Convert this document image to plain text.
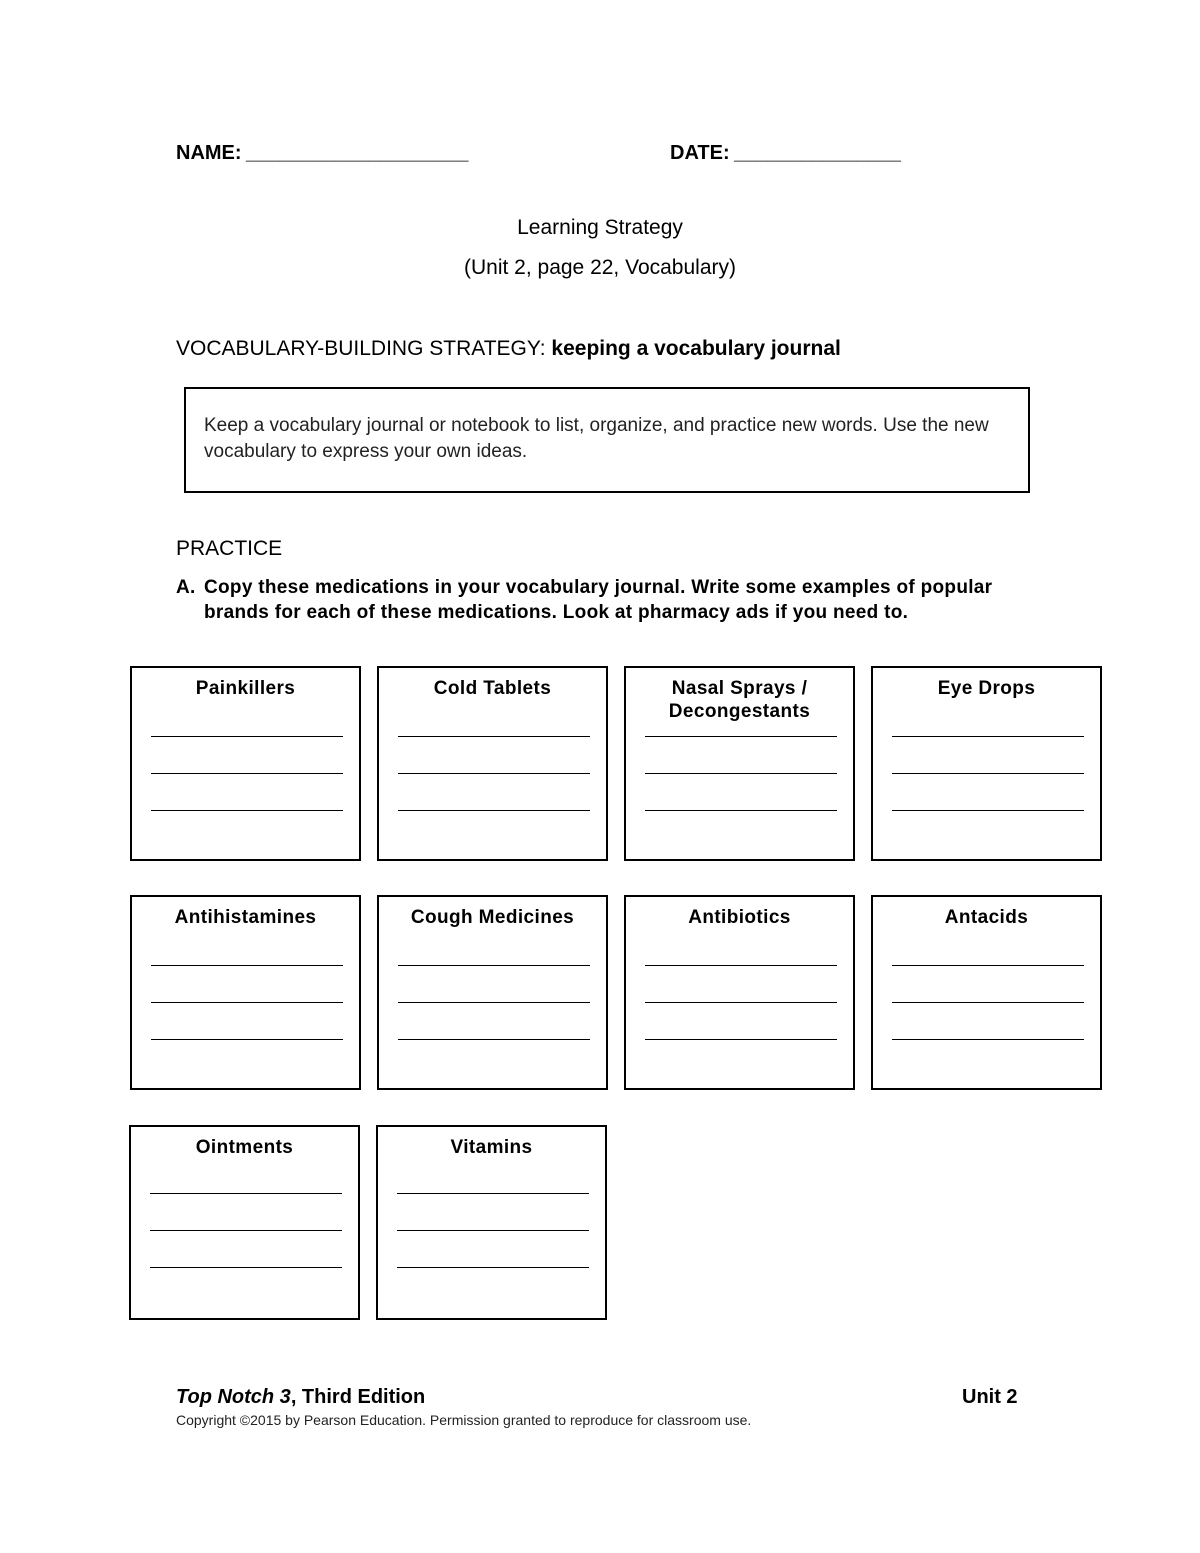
NAME: ____________________	DATE: _______________
Learning Strategy
(Unit 2, page 22, Vocabulary)
VOCABULARY-BUILDING STRATEGY: keeping a vocabulary journal
Keep a vocabulary journal or notebook to list, organize, and practice new words. Use the new vocabulary to express your own ideas.
PRACTICE
A. Copy these medications in your vocabulary journal. Write some examples of popular brands for each of these medications. Look at pharmacy ads if you need to.
Painkillers	Cold Tablets	Nasal Sprays / Decongestants
Eye Drops
Antihistamines	Cough Medicines	Antibiotics	Antacids
Ointments	Vitamins
Top Notch 3, Third Edition	Unit 2
Copyright ©2015 by Pearson Education. Permission granted to reproduce for classroom use.
